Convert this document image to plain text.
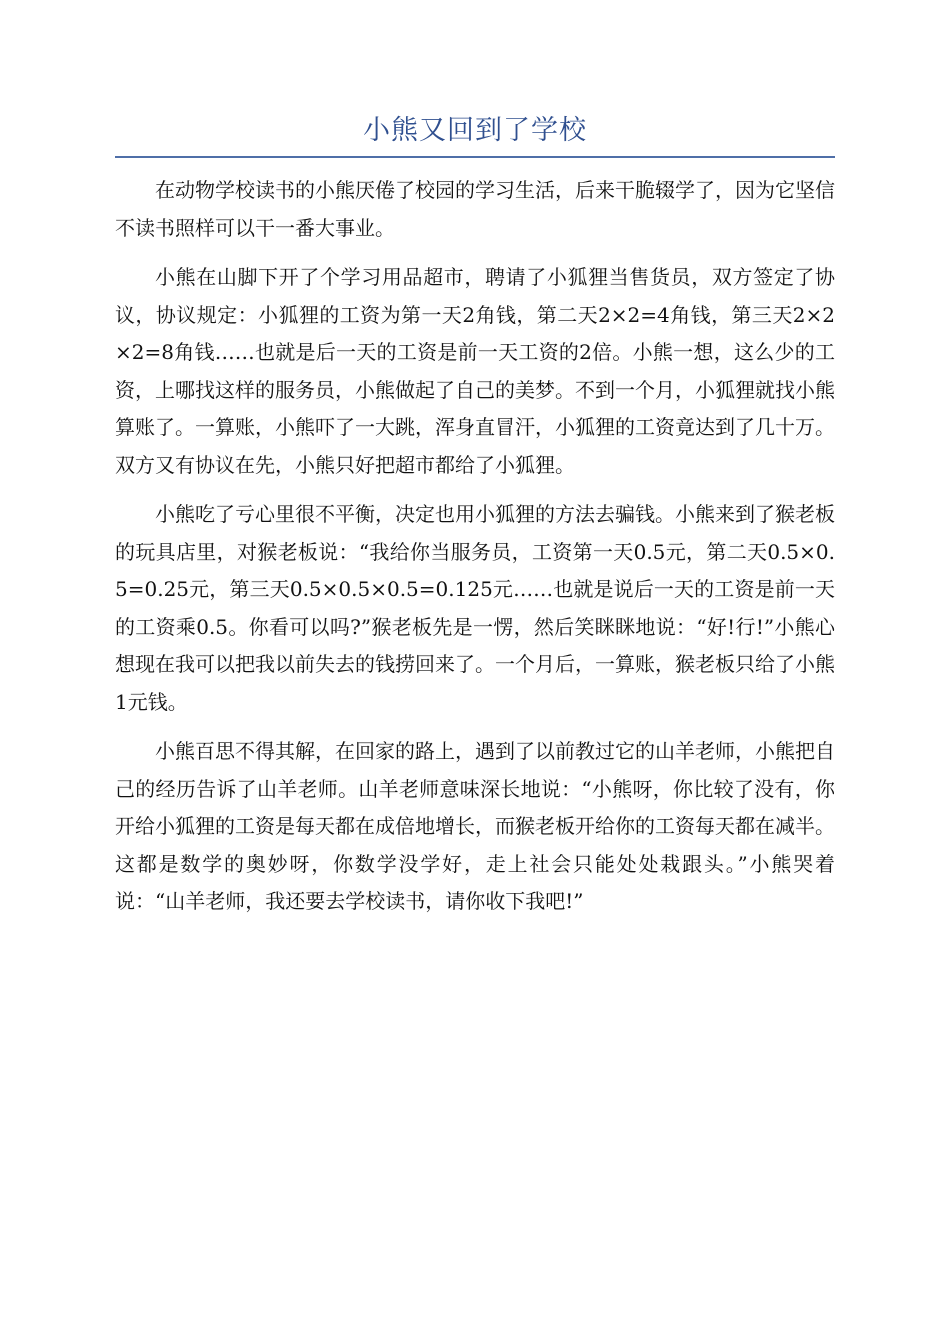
小熊又回到了学校

在动物学校读书的小熊厌倦了校园的学习生活，后来干脆辍学了，因为它坚信不读书照样可以干一番大事业。

小熊在山脚下开了个学习用品超市，聘请了小狐狸当售货员，双方签定了协议，协议规定：小狐狸的工资为第一天2角钱，第二天2×2=4角钱，第三天2×2×2=8角钱……也就是后一天的工资是前一天工资的2倍。小熊一想，这么少的工资，上哪找这样的服务员，小熊做起了自己的美梦。不到一个月，小狐狸就找小熊算账了。一算账，小熊吓了一大跳，浑身直冒汗，小狐狸的工资竟达到了几十万。双方又有协议在先，小熊只好把超市都给了小狐狸。

小熊吃了亏心里很不平衡，决定也用小狐狸的方法去骗钱。小熊来到了猴老板的玩具店里，对猴老板说：“我给你当服务员，工资第一天0.5元，第二天0.5×0.5=0.25元，第三天0.5×0.5×0.5=0.125元……也就是说后一天的工资是前一天的工资乘0.5。你看可以吗?”猴老板先是一愣，然后笑眯眯地说：“好!行!”小熊心想现在我可以把我以前失去的钱捞回来了。一个月后，一算账，猴老板只给了小熊1元钱。

小熊百思不得其解，在回家的路上，遇到了以前教过它的山羊老师，小熊把自己的经历告诉了山羊老师。山羊老师意味深长地说：“小熊呀，你比较了没有，你开给小狐狸的工资是每天都在成倍地增长，而猴老板开给你的工资每天都在减半。这都是数学的奥妙呀，你数学没学好，走上社会只能处处栽跟头。”小熊哭着说：“山羊老师，我还要去学校读书，请你收下我吧!”
